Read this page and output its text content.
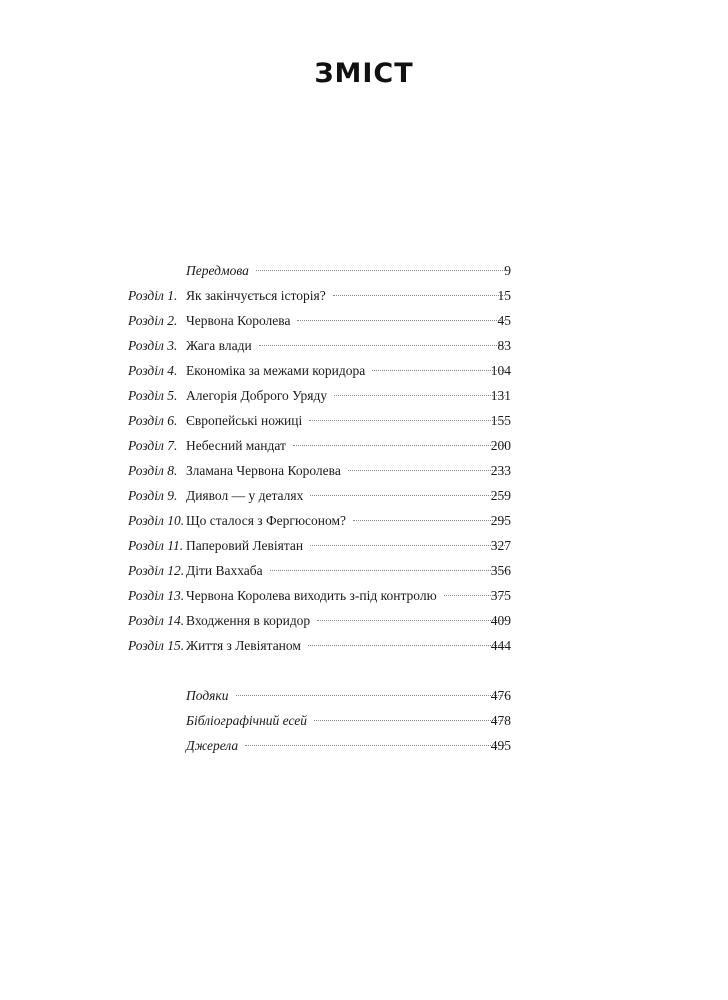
ЗМІСТ
Передмова	9
Розділ 1. Як закінчується історія?	15
Розділ 2. Червона Королева	45
Розділ 3. Жага влади	83
Розділ 4. Економіка за межами коридора	104
Розділ 5. Алегорія Доброго Уряду	131
Розділ 6. Європейські ножиці	155
Розділ 7. Небесний мандат	200
Розділ 8. Зламана Червона Королева	233
Розділ 9. Диявол — у деталях	259
Розділ 10. Що сталося з Фергюсоном?	295
Розділ 11. Паперовий Левіятан	327
Розділ 12. Діти Ваххаба	356
Розділ 13. Червона Королева виходить з-під контролю	375
Розділ 14. Входження в коридор	409
Розділ 15. Життя з Левіятаном	444
Подяки	476
Бібліографічний есей	478
Джерела	495
